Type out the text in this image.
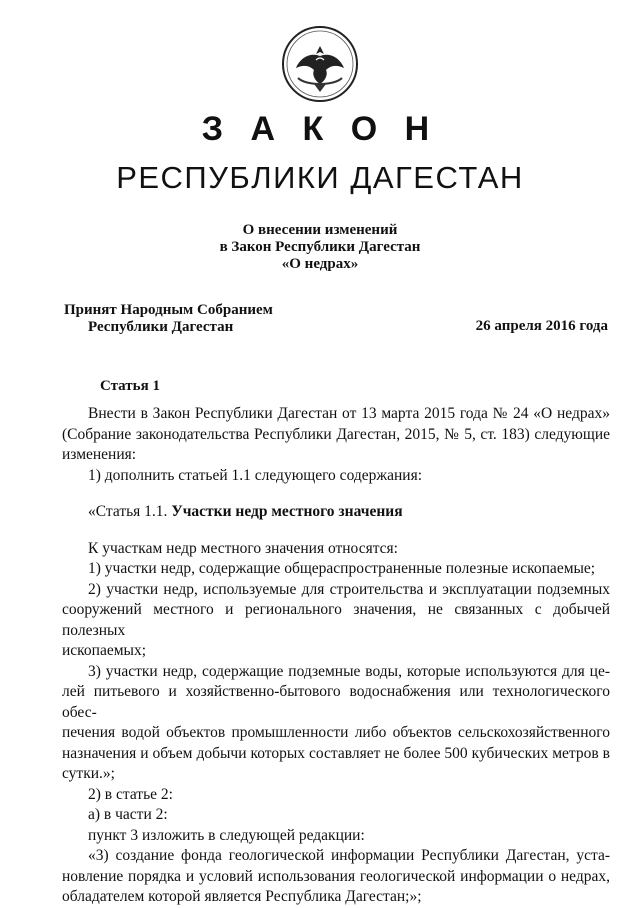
З А К О Н
РЕСПУБЛИКИ ДАГЕСТАН
О внесении изменений
в Закон Республики Дагестан
«О недрах»
Принят Народным Собранием
Республики Дагестан	26 апреля 2016 года
Статья 1

Внести в Закон Республики Дагестан от 13 марта 2015 года № 24 «О недрах»

(Собрание законодательства Республики Дагестан, 2015, № 5, ст. 183) следующие

изменения:

1) дополнить статьей 1.1 следующего содержания:

«Статья 1.1. Участки недр местного значения

К участкам недр местного значения относятся:

1) участки недр, содержащие общераспространенные полезные ископаемые;

2) участки недр, используемые для строительства и эксплуатации подземных

сооружений местного и регионального значения, не связанных с добычей полезных

ископаемых;

3) участки недр, содержащие подземные воды, которые используются для це-

лей питьевого и хозяйственно-бытового водоснабжения или технологического обес-

печения водой объектов промышленности либо объектов сельскохозяйственного

назначения и объем добычи которых составляет не более 500 кубических метров в

сутки.»;

2) в статье 2:

а) в части 2:

пункт 3 изложить в следующей редакции:

«3) создание фонда геологической информации Республики Дагестан, уста-

новление порядка и условий использования геологической информации о недрах,

обладателем которой является Республика Дагестан;»;
